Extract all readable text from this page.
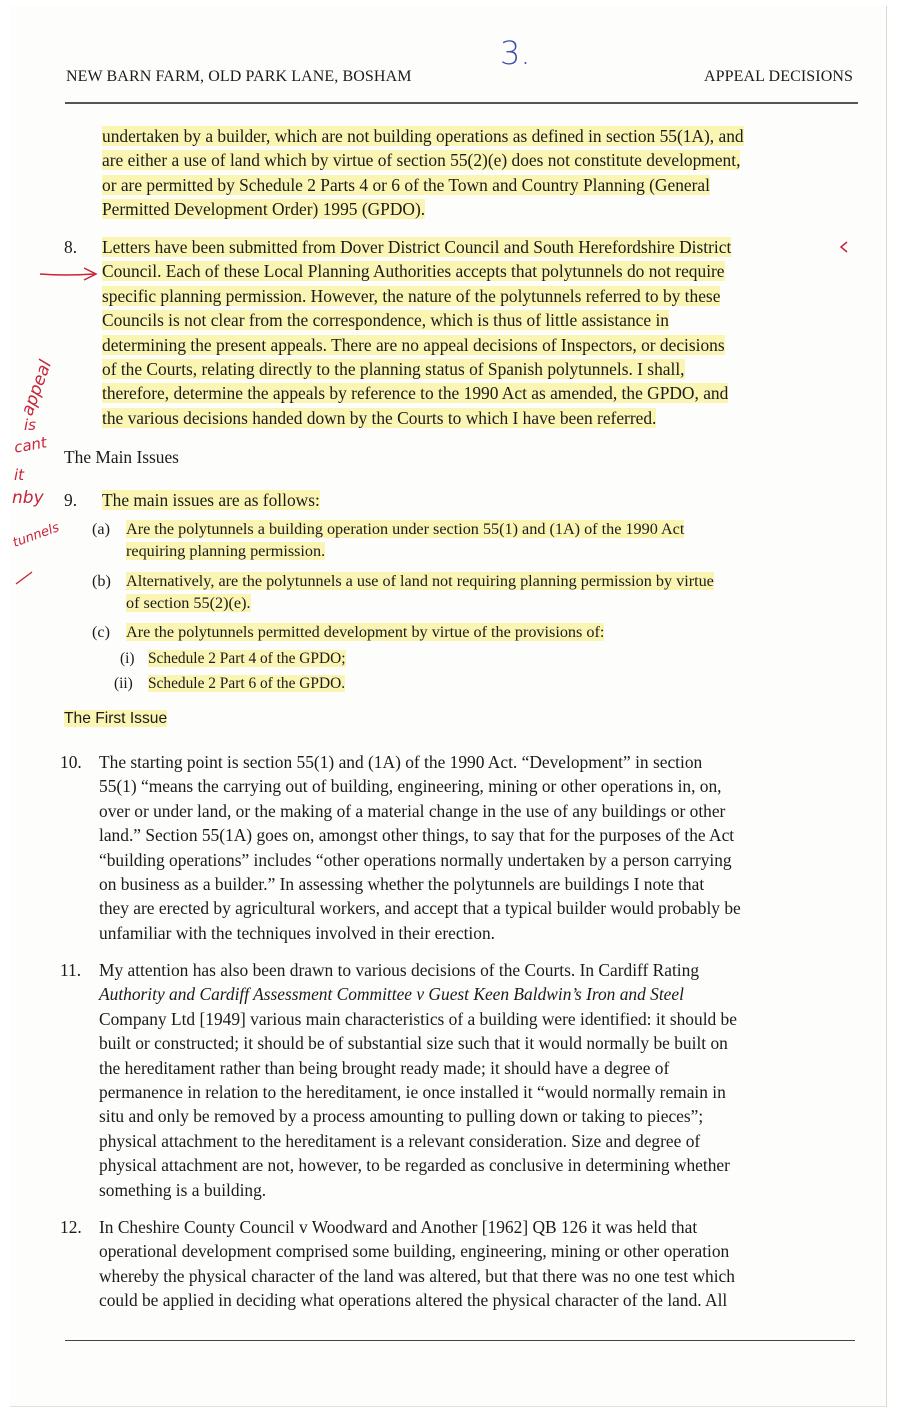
NEW BARN FARM, OLD PARK LANE, BOSHAM
3.
APPEAL DECISIONS
undertaken by a builder, which are not building operations as defined in section 55(1A), and
are either a use of land which by virtue of section 55(2)(e) does not constitute development,
or are permitted by Schedule 2 Parts 4 or 6 of the Town and Country Planning (General
Permitted Development Order) 1995 (GPDO).
8. Letters have been submitted from Dover District Council and South Herefordshire District
Council. Each of these Local Planning Authorities accepts that polytunnels do not require
specific planning permission. However, the nature of the polytunnels referred to by these
Councils is not clear from the correspondence, which is thus of little assistance in
determining the present appeals. There are no appeal decisions of Inspectors, or decisions
of the Courts, relating directly to the planning status of Spanish polytunnels. I shall,
therefore, determine the appeals by reference to the 1990 Act as amended, the GPDO, and
the various decisions handed down by the Courts to which I have been referred.
The Main Issues
9. The main issues are as follows:
(a) Are the polytunnels a building operation under section 55(1) and (1A) of the 1990 Act
requiring planning permission.
(b) Alternatively, are the polytunnels a use of land not requiring planning permission by virtue
of section 55(2)(e).
(c) Are the polytunnels permitted development by virtue of the provisions of:
(i) Schedule 2 Part 4 of the GPDO;
(ii) Schedule 2 Part 6 of the GPDO.
The First Issue
10. The starting point is section 55(1) and (1A) of the 1990 Act. “Development” in section
55(1) “means the carrying out of building, engineering, mining or other operations in, on,
over or under land, or the making of a material change in the use of any buildings or other
land.” Section 55(1A) goes on, amongst other things, to say that for the purposes of the Act
“building operations” includes “other operations normally undertaken by a person carrying
on business as a builder.” In assessing whether the polytunnels are buildings I note that
they are erected by agricultural workers, and accept that a typical builder would probably be
unfamiliar with the techniques involved in their erection.
11. My attention has also been drawn to various decisions of the Courts. In Cardiff Rating
Authority and Cardiff Assessment Committee v Guest Keen Baldwin’s Iron and Steel
Company Ltd [1949] various main characteristics of a building were identified: it should be
built or constructed; it should be of substantial size such that it would normally be built on
the hereditament rather than being brought ready made; it should have a degree of
permanence in relation to the hereditament, ie once installed it “would normally remain in
situ and only be removed by a process amounting to pulling down or taking to pieces”;
physical attachment to the hereditament is a relevant consideration. Size and degree of
physical attachment are not, however, to be regarded as conclusive in determining whether
something is a building.
12. In Cheshire County Council v Woodward and Another [1962] QB 126 it was held that
operational development comprised some building, engineering, mining or other operation
whereby the physical character of the land was altered, but that there was no one test which
could be applied in deciding what operations altered the physical character of the land. All
appeal
is
cant
it
nby
tunnels
